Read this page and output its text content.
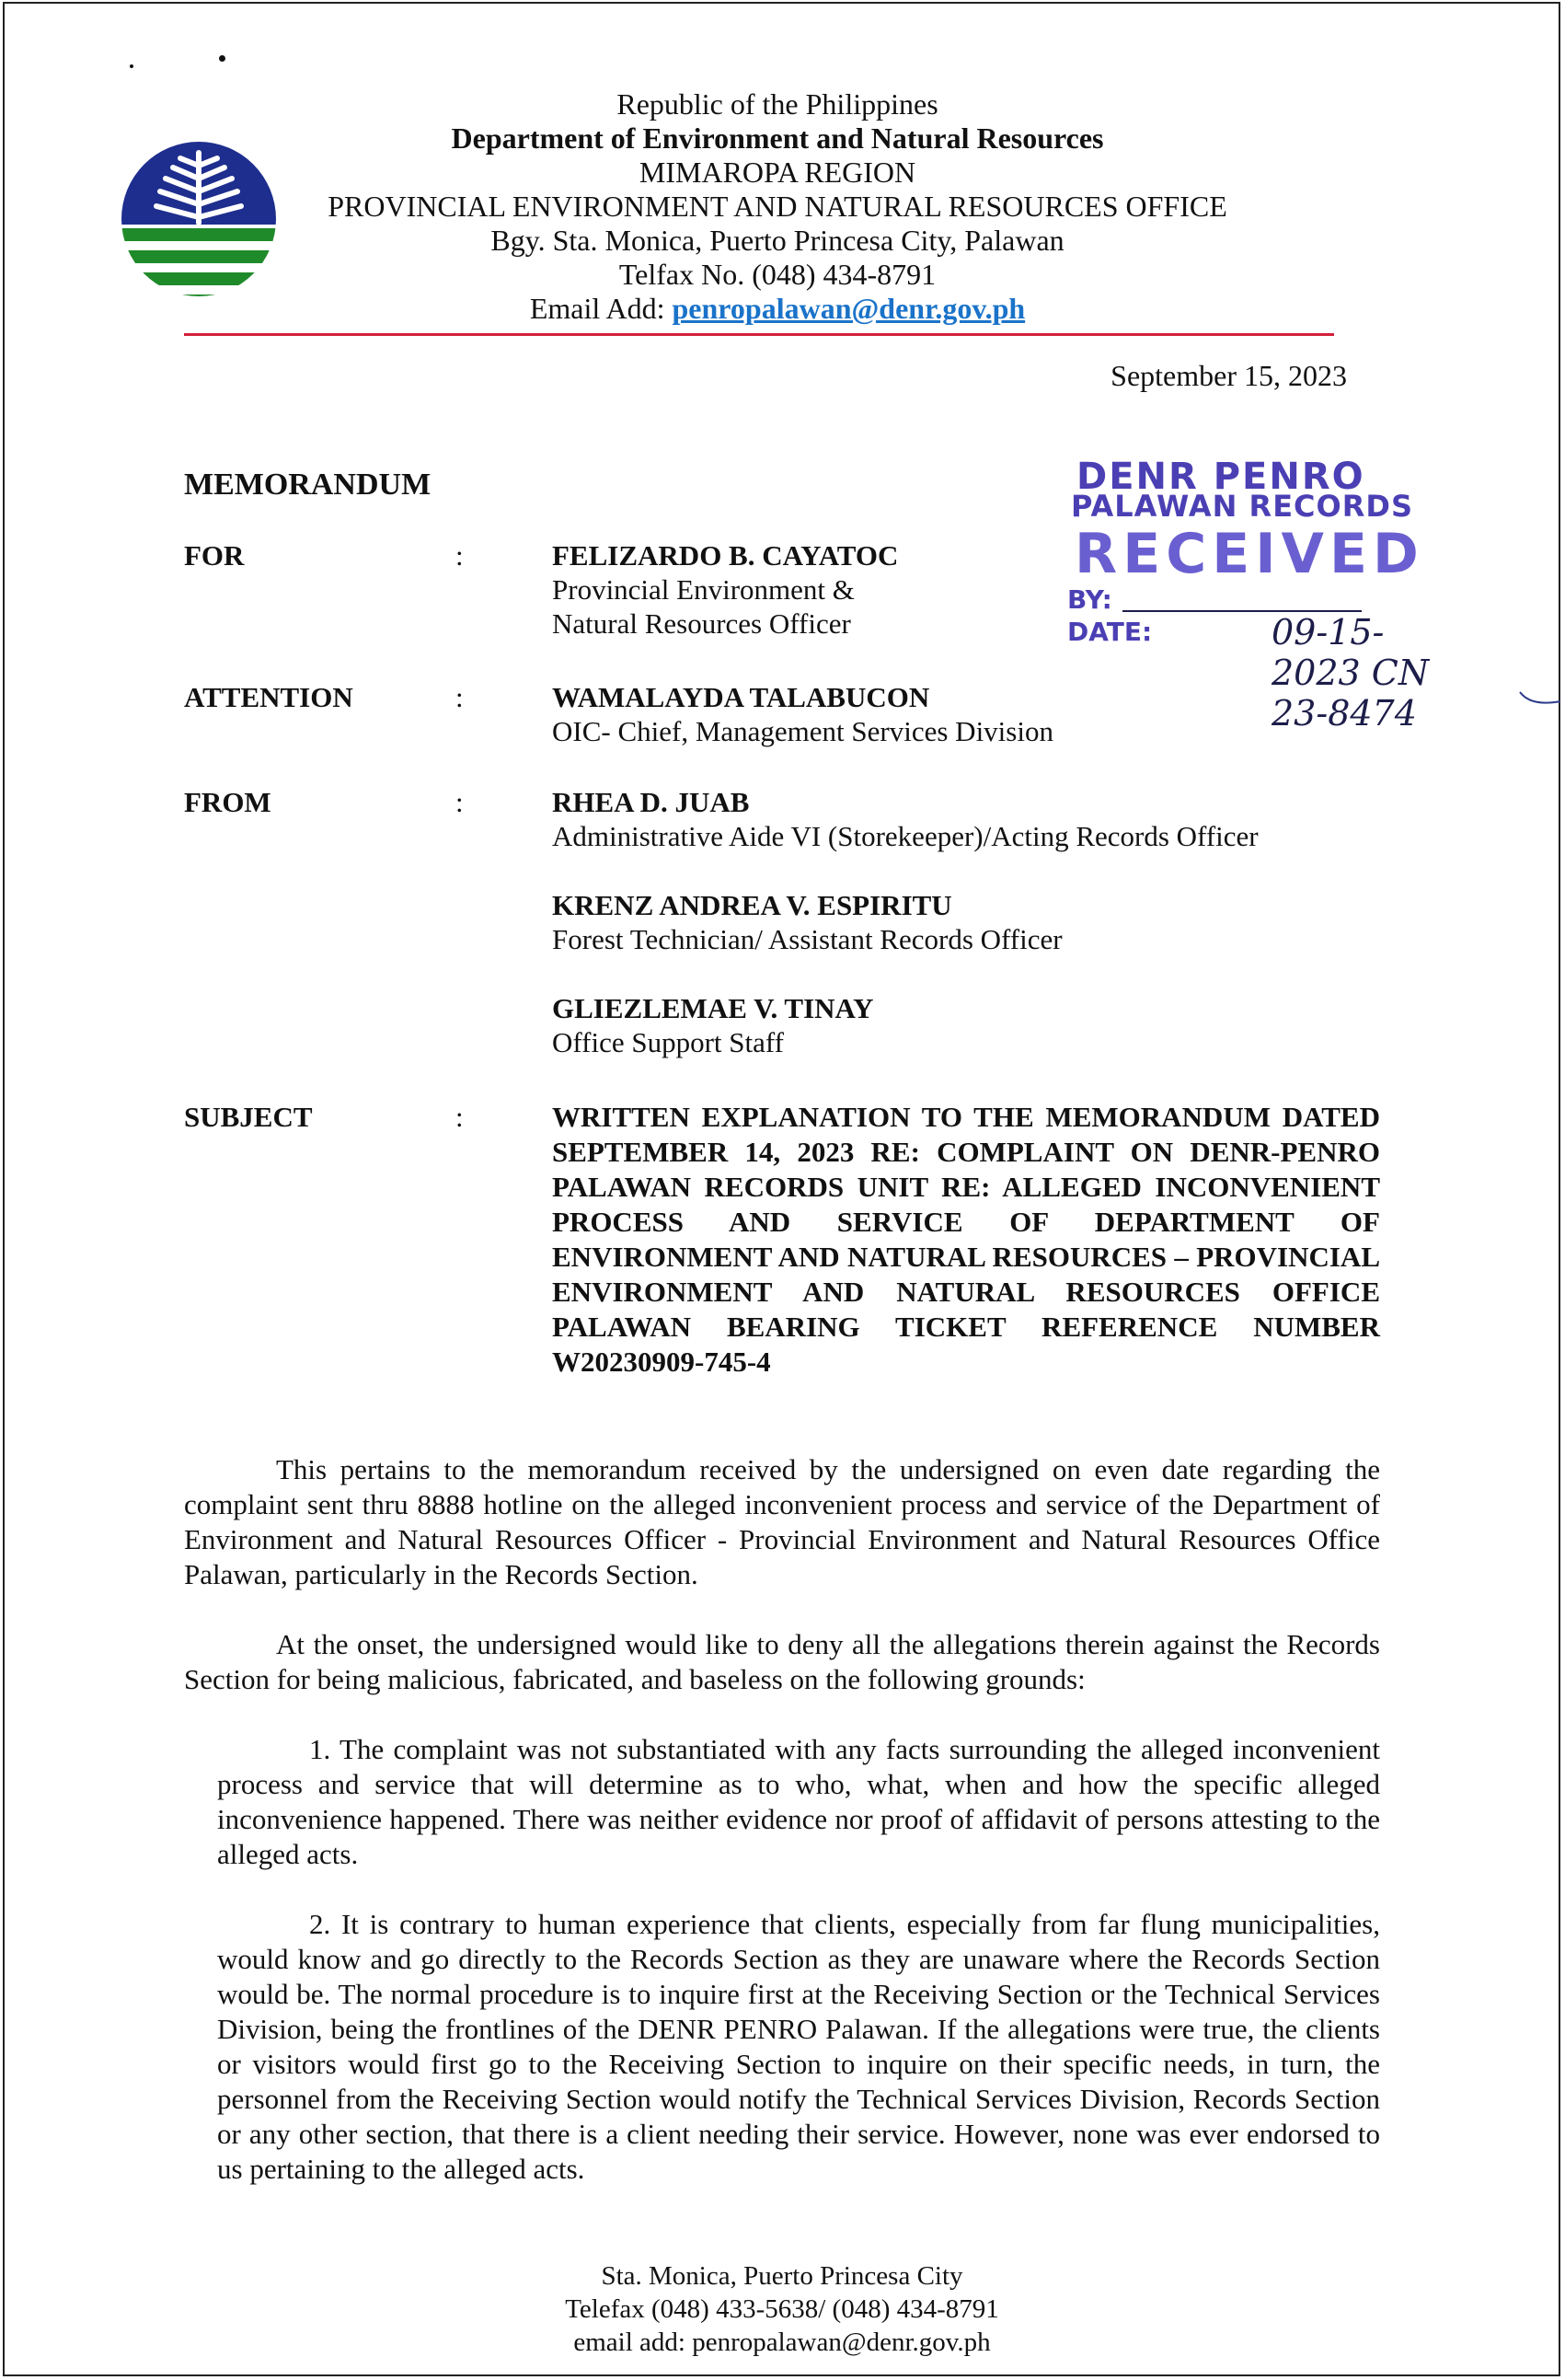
Republic of the Philippines
Department of Environment and Natural Resources
MIMAROPA REGION
PROVINCIAL ENVIRONMENT AND NATURAL RESOURCES OFFICE
Bgy. Sta. Monica, Puerto Princesa City, Palawan
Telfax No. (048) 434-8791
Email Add: penropalawan@denr.gov.ph
September 15, 2023
DENR PENRO
PALAWAN RECORDS
RECEIVED
BY:
DATE:	09-15-2023 CN 23-8474
MEMORANDUM
FOR	:	FELIZARDO B. CAYATOC
Provincial Environment &
Natural Resources Officer
ATTENTION	:	WAMALAYDA TALABUCON
OIC- Chief, Management Services Division
FROM	:	RHEA D. JUAB
Administrative Aide VI (Storekeeper)/Acting Records Officer
KRENZ ANDREA V. ESPIRITU
Forest Technician/ Assistant Records Officer
GLIEZLEMAE V. TINAY
Office Support Staff
SUBJECT	:	WRITTEN EXPLANATION TO THE MEMORANDUM DATED SEPTEMBER 14, 2023 RE: COMPLAINT ON DENR-PENRO PALAWAN RECORDS UNIT RE: ALLEGED INCONVENIENT PROCESS AND SERVICE OF DEPARTMENT OF ENVIRONMENT AND NATURAL RESOURCES – PROVINCIAL ENVIRONMENT AND NATURAL RESOURCES OFFICE PALAWAN BEARING TICKET REFERENCE NUMBER W20230909-745-4
This pertains to the memorandum received by the undersigned on even date regarding the complaint sent thru 8888 hotline on the alleged inconvenient process and service of the Department of Environment and Natural Resources Officer - Provincial Environment and Natural Resources Office Palawan, particularly in the Records Section.
At the onset, the undersigned would like to deny all the allegations therein against the Records Section for being malicious, fabricated, and baseless on the following grounds:
1. The complaint was not substantiated with any facts surrounding the alleged inconvenient process and service that will determine as to who, what, when and how the specific alleged inconvenience happened. There was neither evidence nor proof of affidavit of persons attesting to the alleged acts.
2. It is contrary to human experience that clients, especially from far flung municipalities, would know and go directly to the Records Section as they are unaware where the Records Section would be. The normal procedure is to inquire first at the Receiving Section or the Technical Services Division, being the frontlines of the DENR PENRO Palawan. If the allegations were true, the clients or visitors would first go to the Receiving Section to inquire on their specific needs, in turn, the personnel from the Receiving Section would notify the Technical Services Division, Records Section or any other section, that there is a client needing their service. However, none was ever endorsed to us pertaining to the alleged acts.
Sta. Monica, Puerto Princesa City
Telefax (048) 433-5638/ (048) 434-8791
email add: penropalawan@denr.gov.ph
